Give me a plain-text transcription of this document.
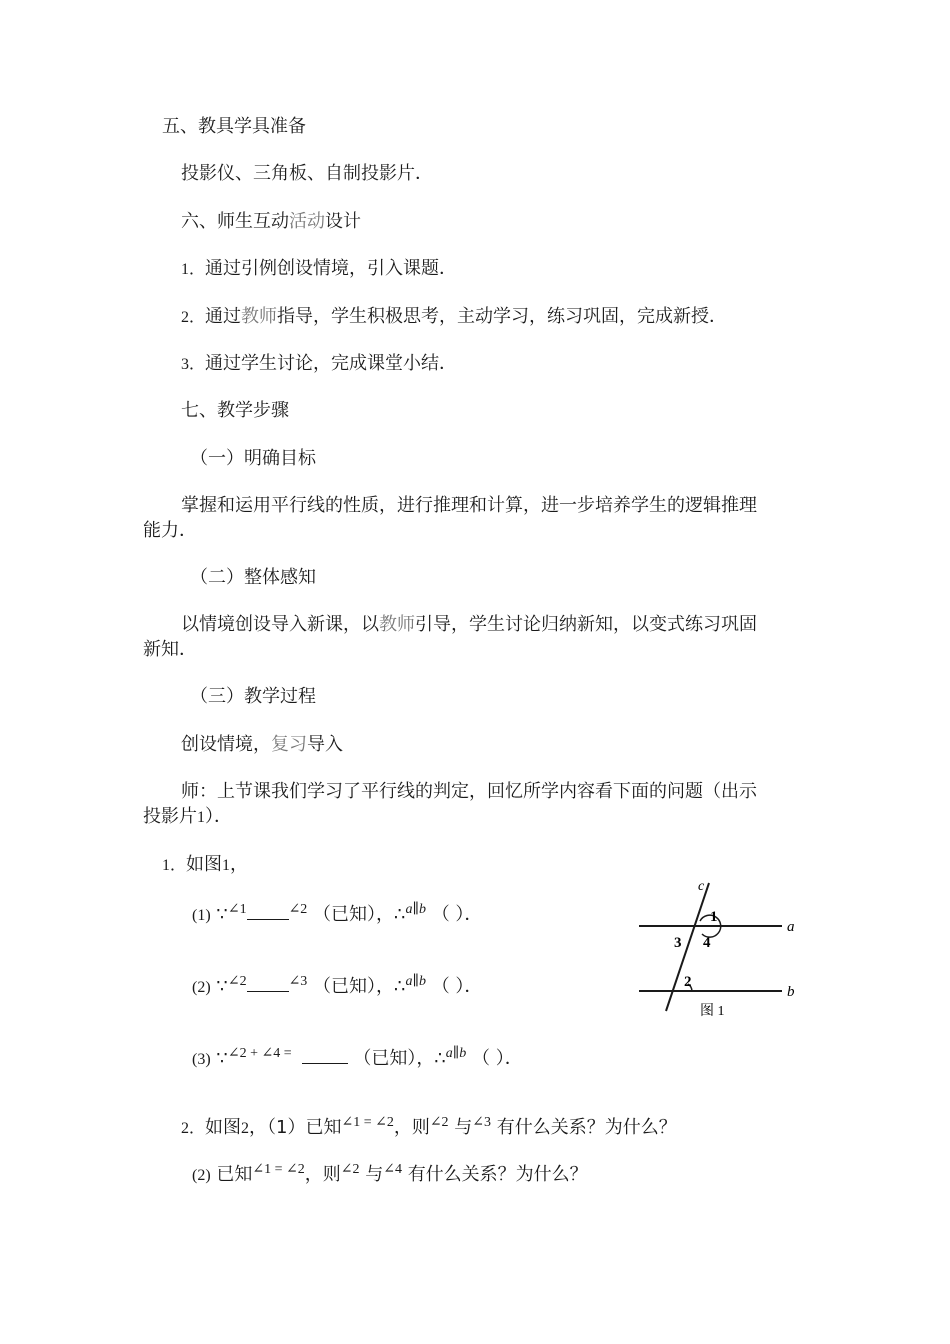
五、教具学具准备
投影仪、三角板、自制投影片．
六、师生互动活动设计
1．通过引例创设情境，引入课题．
2．通过教师指导，学生积极思考，主动学习，练习巩固，完成新授．
3．通过学生讨论，完成课堂小结．
七、教学步骤
（一）明确目标
掌握和运用平行线的性质，进行推理和计算，进一步培养学生的逻辑推理
能力．
（二）整体感知
以情境创设导入新课，以教师引导，学生讨论归纳新知，以变式练习巩固
新知．
（三）教学过程
创设情境，复习导入
师：上节课我们学习了平行线的判定，回忆所学内容看下面的问题（出示
投影片1）．
1．如图1，
(1) ∵$^{\angle 1}$	$^{\angle 2}$ （已知），∴$^{a\parallel b}$ （ ）．
(2) ∵$^{\angle 2}$	$^{\angle 3}$ （已知），∴$^{a\parallel b}$ （ ）．
(3) ∵$^{\angle 2 + \angle 4 =}$	（已知），∴$^{a\parallel b}$ （ ）．
c
a
b
1
3 4
2
图 1
2．如图2，（1）已知$^{\angle 1 = \angle 2}$，则$^{\angle 2}$ 与$^{\angle 3}$ 有什么关系？为什么？
(2) 已知$^{\angle 1 = \angle 2}$，则$^{\angle 2}$ 与$^{\angle 4}$ 有什么关系？为什么？
